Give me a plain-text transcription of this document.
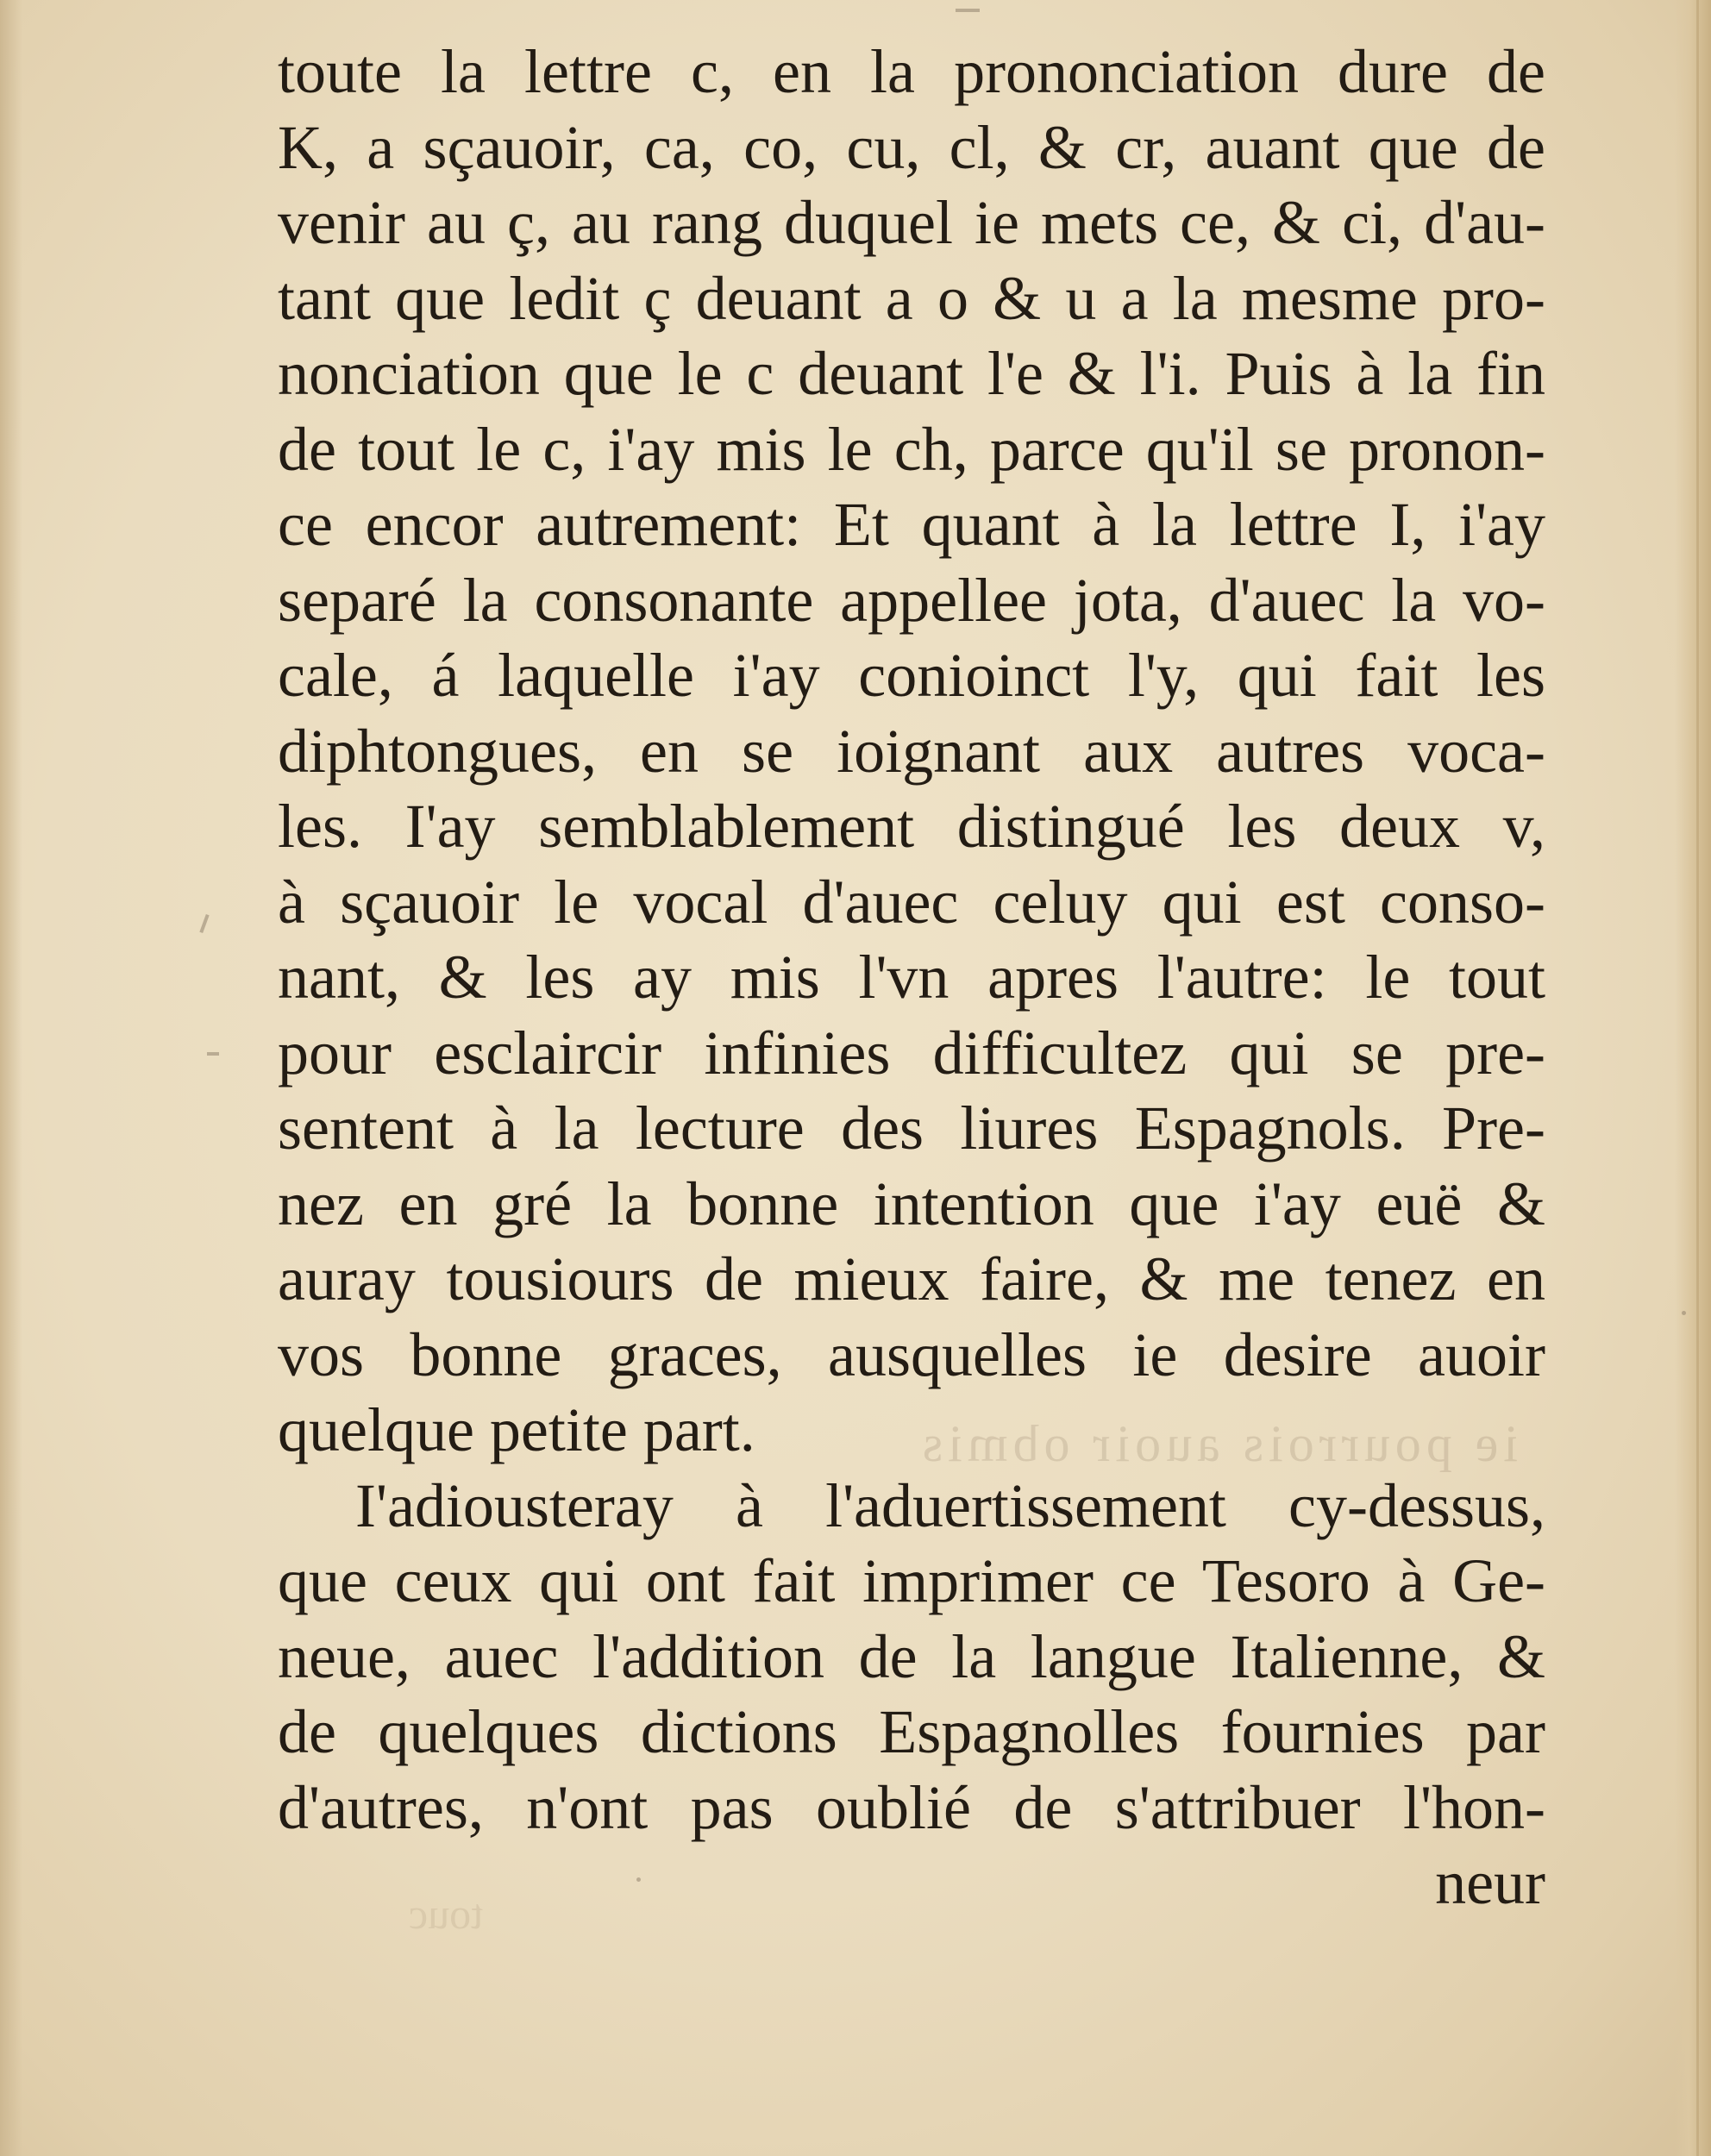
ie pourrois auoir obmis
touc
toute la lettre c, en la prononciation dure de
K, a sçauoir, ca, co, cu, cl, & cr, auant que de
venir au ç, au rang duquel ie mets ce, & ci, d'au-
tant que ledit ç deuant a o & u a la mesme pro-
nonciation que le c deuant l'e & l'i. Puis à la fin
de tout le c, i'ay mis le ch, parce qu'il se pronon-
ce encor autrement: Et quant à la lettre I, i'ay
separé la consonante appellee jota, d'auec la vo-
cale, á laquelle i'ay conioinct l'y, qui fait les
diphtongues, en se ioignant aux autres voca-
les. I'ay semblablement distingué les deux v,
à sçauoir le vocal d'auec celuy qui est conso-
nant, & les ay mis l'vn apres l'autre: le tout
pour esclaircir infinies difficultez qui se pre-
sentent à la lecture des liures Espagnols. Pre-
nez en gré la bonne intention que i'ay euë &
auray tousiours de mieux faire, & me tenez en
vos bonne graces, ausquelles ie desire auoir
quelque petite part.
I'adiousteray à l'aduertissement cy-dessus,
que ceux qui ont fait imprimer ce Tesoro à Ge-
neue, auec l'addition de la langue Italienne, &
de quelques dictions Espagnolles fournies par
d'autres, n'ont pas oublié de s'attribuer l'hon-
neur
